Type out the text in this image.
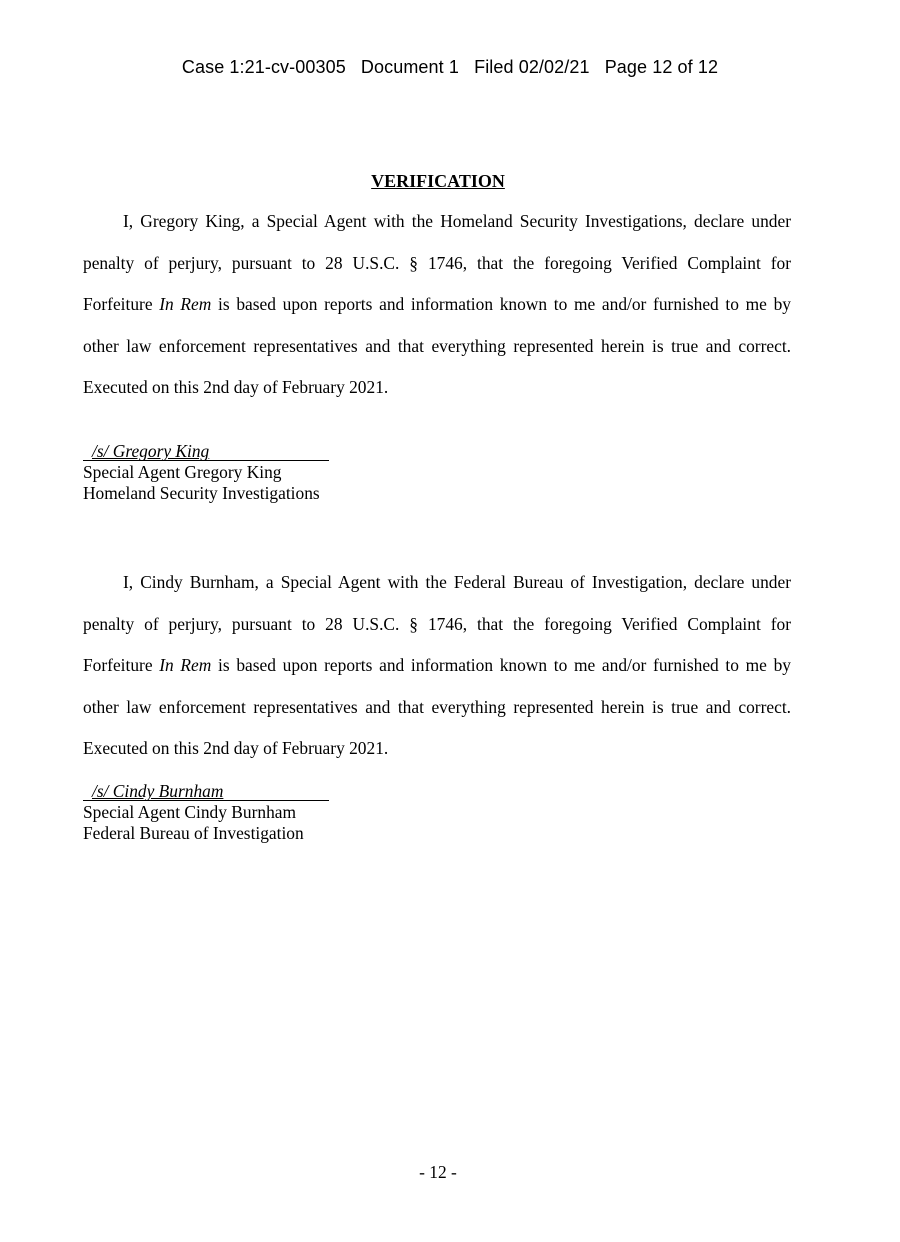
Case 1:21-cv-00305 Document 1 Filed 02/02/21 Page 12 of 12
VERIFICATION
I, Gregory King, a Special Agent with the Homeland Security Investigations, declare under
penalty of perjury, pursuant to 28 U.S.C. § 1746, that the foregoing Verified Complaint for
Forfeiture In Rem is based upon reports and information known to me and/or furnished to me by
other law enforcement representatives and that everything represented herein is true and correct.
Executed on this 2nd day of February 2021.
/s/ Gregory King
Special Agent Gregory King
Homeland Security Investigations
I, Cindy Burnham, a Special Agent with the Federal Bureau of Investigation, declare under
penalty of perjury, pursuant to 28 U.S.C. § 1746, that the foregoing Verified Complaint for
Forfeiture In Rem is based upon reports and information known to me and/or furnished to me by
other law enforcement representatives and that everything represented herein is true and correct.
Executed on this 2nd day of February 2021.
/s/ Cindy Burnham
Special Agent Cindy Burnham
Federal Bureau of Investigation
- 12 -
